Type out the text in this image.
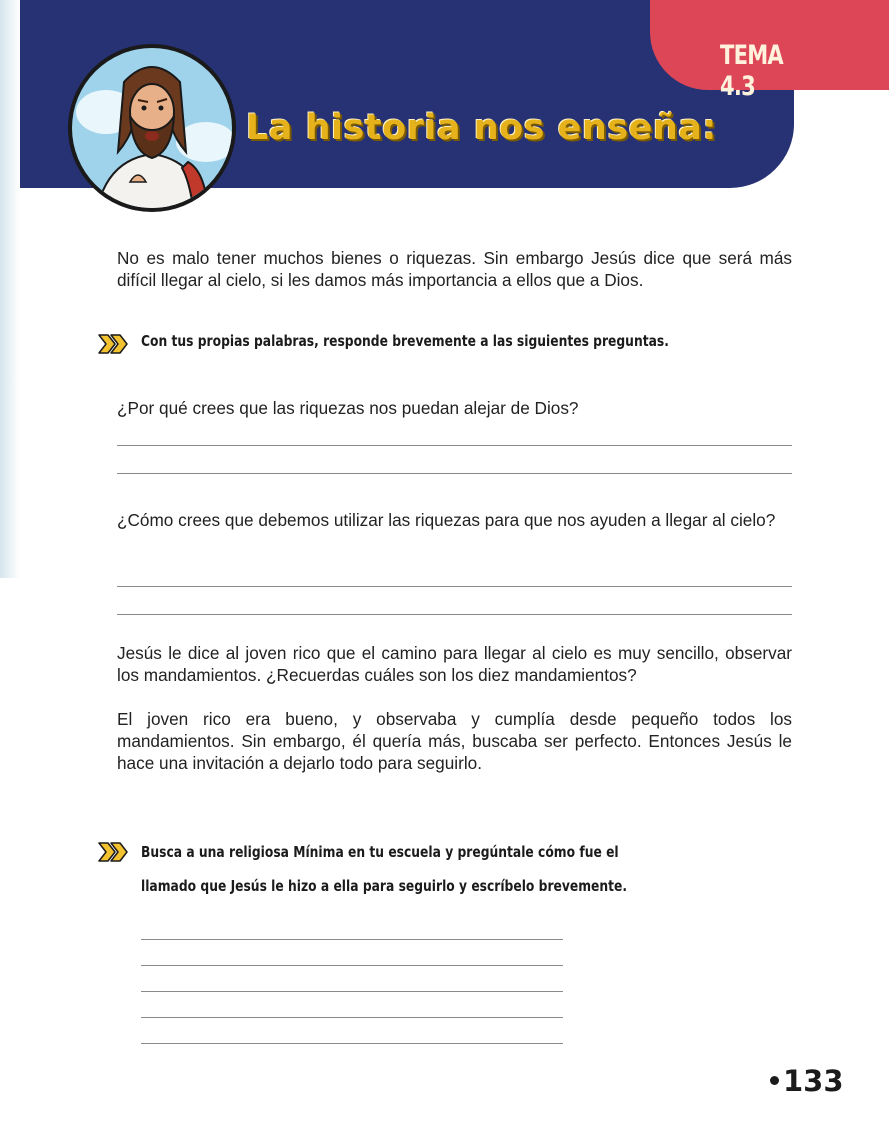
TEMA 4.3
La historia nos enseña:
No es malo tener muchos bienes o riquezas. Sin embargo Jesús dice que será más difícil llegar al cielo, si les damos más importancia a ellos que a Dios.
Con tus propias palabras, responde brevemente a las siguientes preguntas.
¿Por qué crees que las riquezas nos puedan alejar de Dios?
¿Cómo crees que debemos utilizar las riquezas para que nos ayuden a llegar al cielo?
Jesús le dice al joven rico que el camino para llegar al cielo es muy sencillo, observar los mandamientos. ¿Recuerdas cuáles son los diez mandamientos?
El joven rico era bueno, y observaba y cumplía desde pequeño todos los mandamientos. Sin embargo, él quería más, buscaba ser perfecto. Entonces Jesús le hace una invitación a dejarlo todo para seguirlo.
Busca a una religiosa Mínima en tu escuela y pregúntale cómo fue el
llamado que Jesús le hizo a ella para seguirlo y escríbelo brevemente.
133
